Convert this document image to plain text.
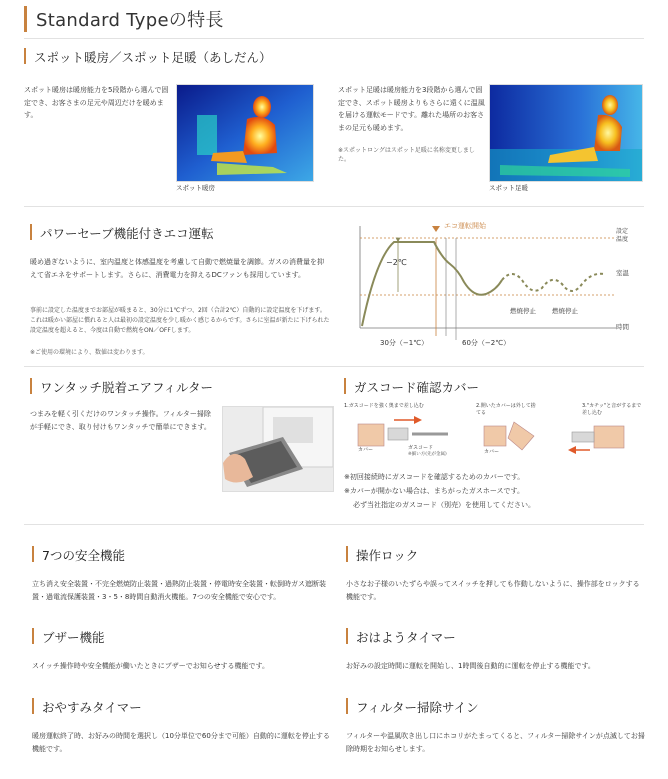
Standard Typeの特長
スポット暖房／スポット足暖（あしだん）
スポット暖房は暖房能力を5段階から選んで固定でき、お客さまの足元や周辺だけを暖めます。
スポット暖房
スポット足暖は暖房能力を3段階から選んで固定でき、スポット暖房よりもさらに遠くに温風を届ける運転モードです。離れた場所のお客さまの足元も暖めます。
※スポットロングはスポット足暖に名称変更しました。
スポット足暖
パワーセーブ機能付きエコ運転
暖め過ぎないように、室内温度と体感温度を考慮して自動で燃焼量を調節。ガスの消費量を抑えて省エネをサポートします。さらに、消費電力を抑えるDCファンも採用しています。
事前に設定した温度までお部屋が暖まると、30分に1℃ずつ、2回（合計2℃）自動的に設定温度を下げます。これは暖かい部屋に慣れると人は最初の設定温度を少し暖かく感じるからです。さらに室温が新たに下げられた設定温度を超えると、今度は自動で燃焼をON／OFFします。
※ご使用の環境により、数値は変わります。
エコ運転開始
設定
温度
室温
−2℃
燃焼停止 燃焼停止
時間
30分（−1℃）	60分（−2℃）
ワンタッチ脱着エアフィルター
つまみを軽く引くだけのワンタッチ操作。フィルター掃除が手軽にでき、取り付けもワンタッチで簡単にできます。
ガスコード確認カバー
1.ガスコードを強く奥まで差し込む	2.開いたカバーは外して捨てる
3."カチッ"と音がするまで差し込む
カバー	ガスコード
※細い方(先が金属)	カバー
※初回接続時にガスコードを確認するためのカバーです。
※カバーが開かない場合は、まちがったガスホースです。
必ず当社指定のガスコード（別売）を使用してください。
7つの安全機能
立ち消え安全装置・不完全燃焼防止装置・過熱防止装置・停電時安全装置・転倒時ガス遮断装置・過電流保護装置・3・5・8時間自動消火機能。7つの安全機能で安心です。
操作ロック
小さなお子様のいたずらや誤ってスイッチを押しても作動しないように、操作部をロックする機能です。
ブザー機能
スイッチ操作時や安全機能が働いたときにブザーでお知らせする機能です。
おはようタイマー
お好みの設定時間に運転を開始し、1時間後自動的に運転を停止する機能です。
おやすみタイマー
暖房運転終了時、お好みの時間を選択し（10分単位で60分まで可能）自動的に運転を停止する機能です。
フィルター掃除サイン
フィルターや温風吹き出し口にホコリがたまってくると、フィルター掃除サインが点滅してお掃除時期をお知らせします。
